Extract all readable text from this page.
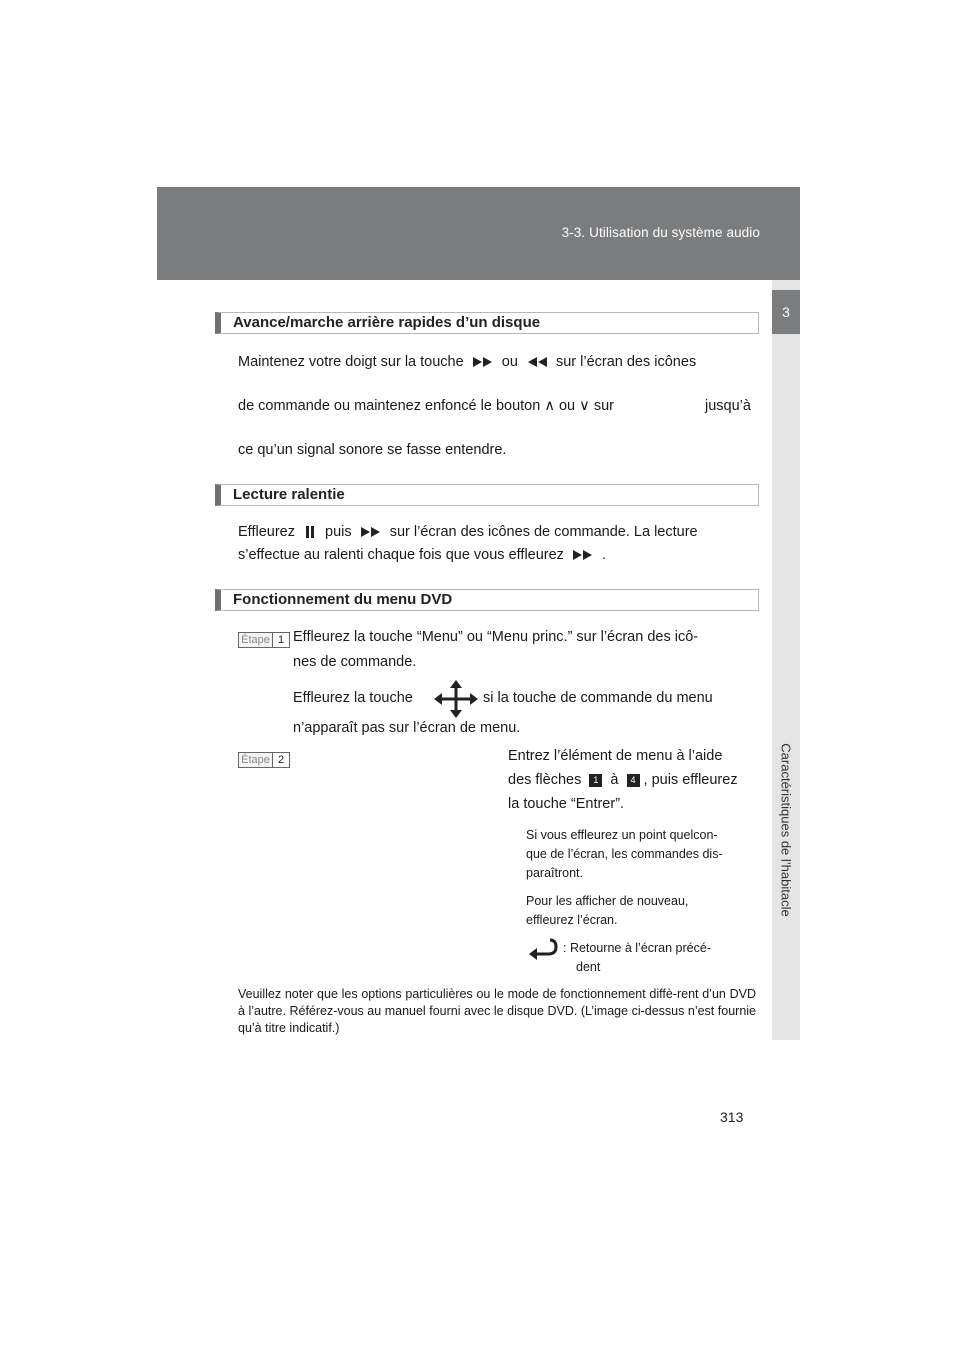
3-3. Utilisation du système audio
3
Caractéristiques de l’habitacle
Avance/marche arrière rapides d’un disque
Maintenez votre doigt sur la touche	ou	sur l’écran des icônes
de commande ou maintenez enfoncé le bouton ∧ ou ∨ sur	jusqu’à
ce qu’un signal sonore se fasse entendre.
Lecture ralentie
Effleurez puis	sur l’écran des icônes de commande. La lecture
s’effectue au ralenti chaque fois que vous effleurez	.
Fonctionnement du menu DVD
Étape 1 Effleurez la touche “Menu” ou “Menu princ.” sur l’écran des icô-
nes de commande.
Effleurez la touche	si la touche de commande du menu
n’apparaît pas sur l’écran de menu.
Étape 2	Entrez l’élément de menu à l’aide
des flèches 1 à 4 , puis effleurez
la touche “Entrer”.
Si vous effleurez un point quelcon-
que de l’écran, les commandes dis-
paraîtront.
Pour les afficher de nouveau,
effleurez l’écran.
: Retourne à l’écran précé-
dent
Veuillez noter que les options particulières ou le mode de fonctionnement diffè-rent d’un DVD à l’autre. Référez-vous au manuel fourni avec le disque DVD. (L’image ci-dessus n’est fournie qu’à titre indicatif.)
313
